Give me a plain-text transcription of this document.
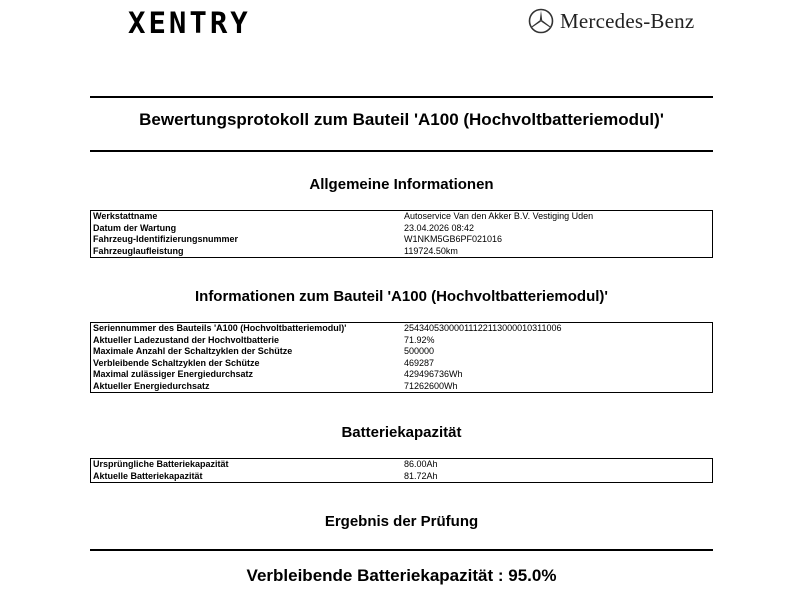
XENTRY	Mercedes-Benz
Bewertungsprotokoll zum Bauteil 'A100 (Hochvoltbatteriemodul)'
Allgemeine Informationen
Werkstattname	Autoservice Van den Akker B.V. Vestiging Uden
Datum der Wartung	23.04.2026 08:42
Fahrzeug-Identifizierungsnummer	W1NKM5GB6PF021016
Fahrzeuglaufleistung	119724.50km
Informationen zum Bauteil 'A100 (Hochvoltbatteriemodul)'
Seriennummer des Bauteils 'A100 (Hochvoltbatteriemodul)'	25434053000011122113000010311006
Aktueller Ladezustand der Hochvoltbatterie	71.92%
Maximale Anzahl der Schaltzyklen der Schütze	500000
Verbleibende Schaltzyklen der Schütze	469287
Maximal zulässiger Energiedurchsatz	429496736Wh
Aktueller Energiedurchsatz	71262600Wh
Batteriekapazität
Ursprüngliche Batteriekapazität	86.00Ah
Aktuelle Batteriekapazität	81.72Ah
Ergebnis der Prüfung
Verbleibende Batteriekapazität : 95.0%
